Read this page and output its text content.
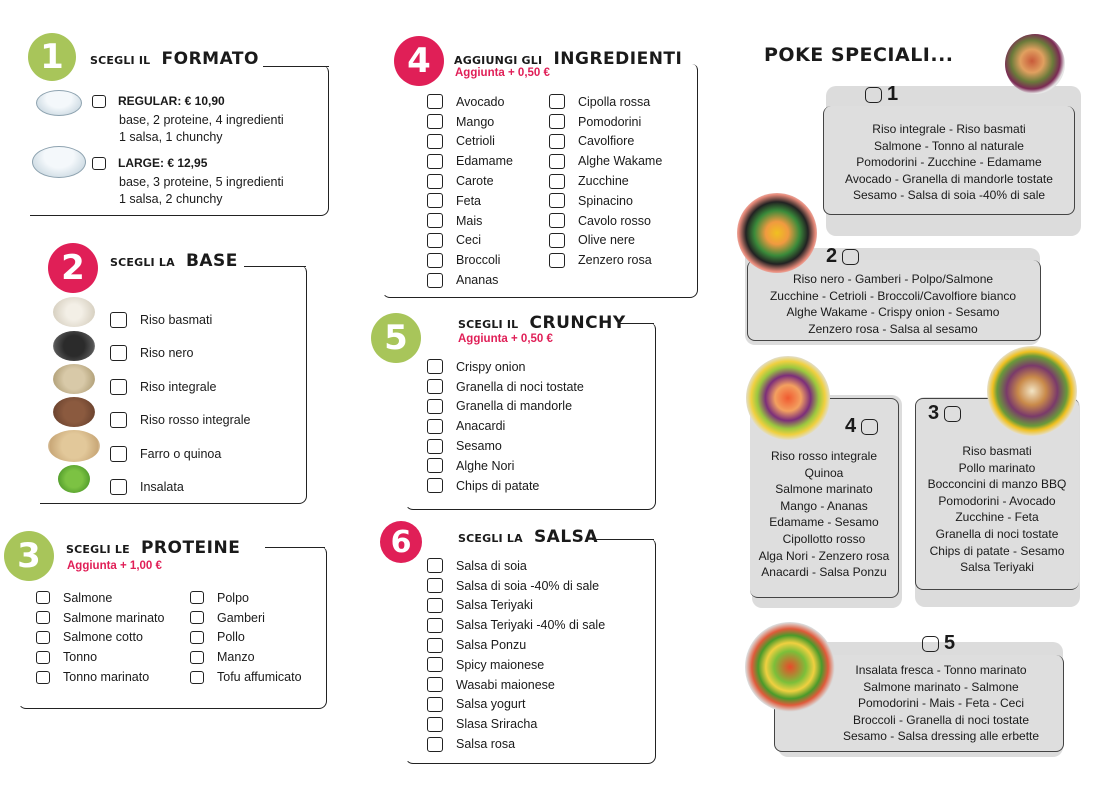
1	SCEGLI IL FORMATO
REGULAR: € 10,90
base, 2 proteine, 4 ingredienti
1 salsa, 1 chunchy
LARGE: € 12,95
base, 3 proteine, 5 ingredienti
1 salsa, 2 chunchy
2	SCEGLI LA BASE
Riso basmati
Riso nero
Riso integrale
Riso rosso integrale
Farro o quinoa
Insalata
3	SCEGLI LE PROTEINE
Aggiunta + 1,00 €
Salmone
Salmone marinato
Salmone cotto
Tonno
Tonno marinato
Polpo
Gamberi
Pollo
Manzo
Tofu affumicato
4	AGGIUNGI GLI INGREDIENTI
Aggiunta + 0,50 €
Avocado
Mango
Cetrioli
Edamame
Carote
Feta
Mais
Ceci
Broccoli
Ananas
Cipolla rossa
Pomodorini
Cavolfiore
Alghe Wakame
Zucchine
Spinacino
Cavolo rosso
Olive nere
Zenzero rosa
5	SCEGLI IL CRUNCHY
Aggiunta + 0,50 €
Crispy onion
Granella di noci tostate
Granella di mandorle
Anacardi
Sesamo
Alghe Nori
Chips di patate
6	SCEGLI LA SALSA
Salsa di soia
Salsa di soia -40% di sale
Salsa Teriyaki
Salsa Teriyaki -40% di sale
Salsa Ponzu
Spicy maionese
Wasabi maionese
Salsa yogurt
Slasa Sriracha
Salsa rosa
POKE SPECIALI...
1
Riso integrale - Riso basmati
Salmone - Tonno al naturale
Pomodorini - Zucchine - Edamame
Avocado - Granella di mandorle tostate
Sesamo - Salsa di soia -40% di sale
2
Riso nero - Gamberi - Polpo/Salmone
Zucchine - Cetrioli - Broccoli/Cavolfiore bianco
Alghe Wakame - Crispy onion - Sesamo
Zenzero rosa - Salsa al sesamo
4
Riso rosso integrale
Quinoa
Salmone marinato
Mango - Ananas
Edamame - Sesamo
Cipollotto rosso
Alga Nori - Zenzero rosa
Anacardi - Salsa Ponzu
3
Riso basmati
Pollo marinato
Bocconcini di manzo BBQ
Pomodorini - Avocado
Zucchine - Feta
Granella di noci tostate
Chips di patate - Sesamo
Salsa Teriyaki
5
Insalata fresca - Tonno marinato
Salmone marinato - Salmone
Pomodorini - Mais - Feta - Ceci
Broccoli - Granella di noci tostate
Sesamo - Salsa dressing alle erbette
